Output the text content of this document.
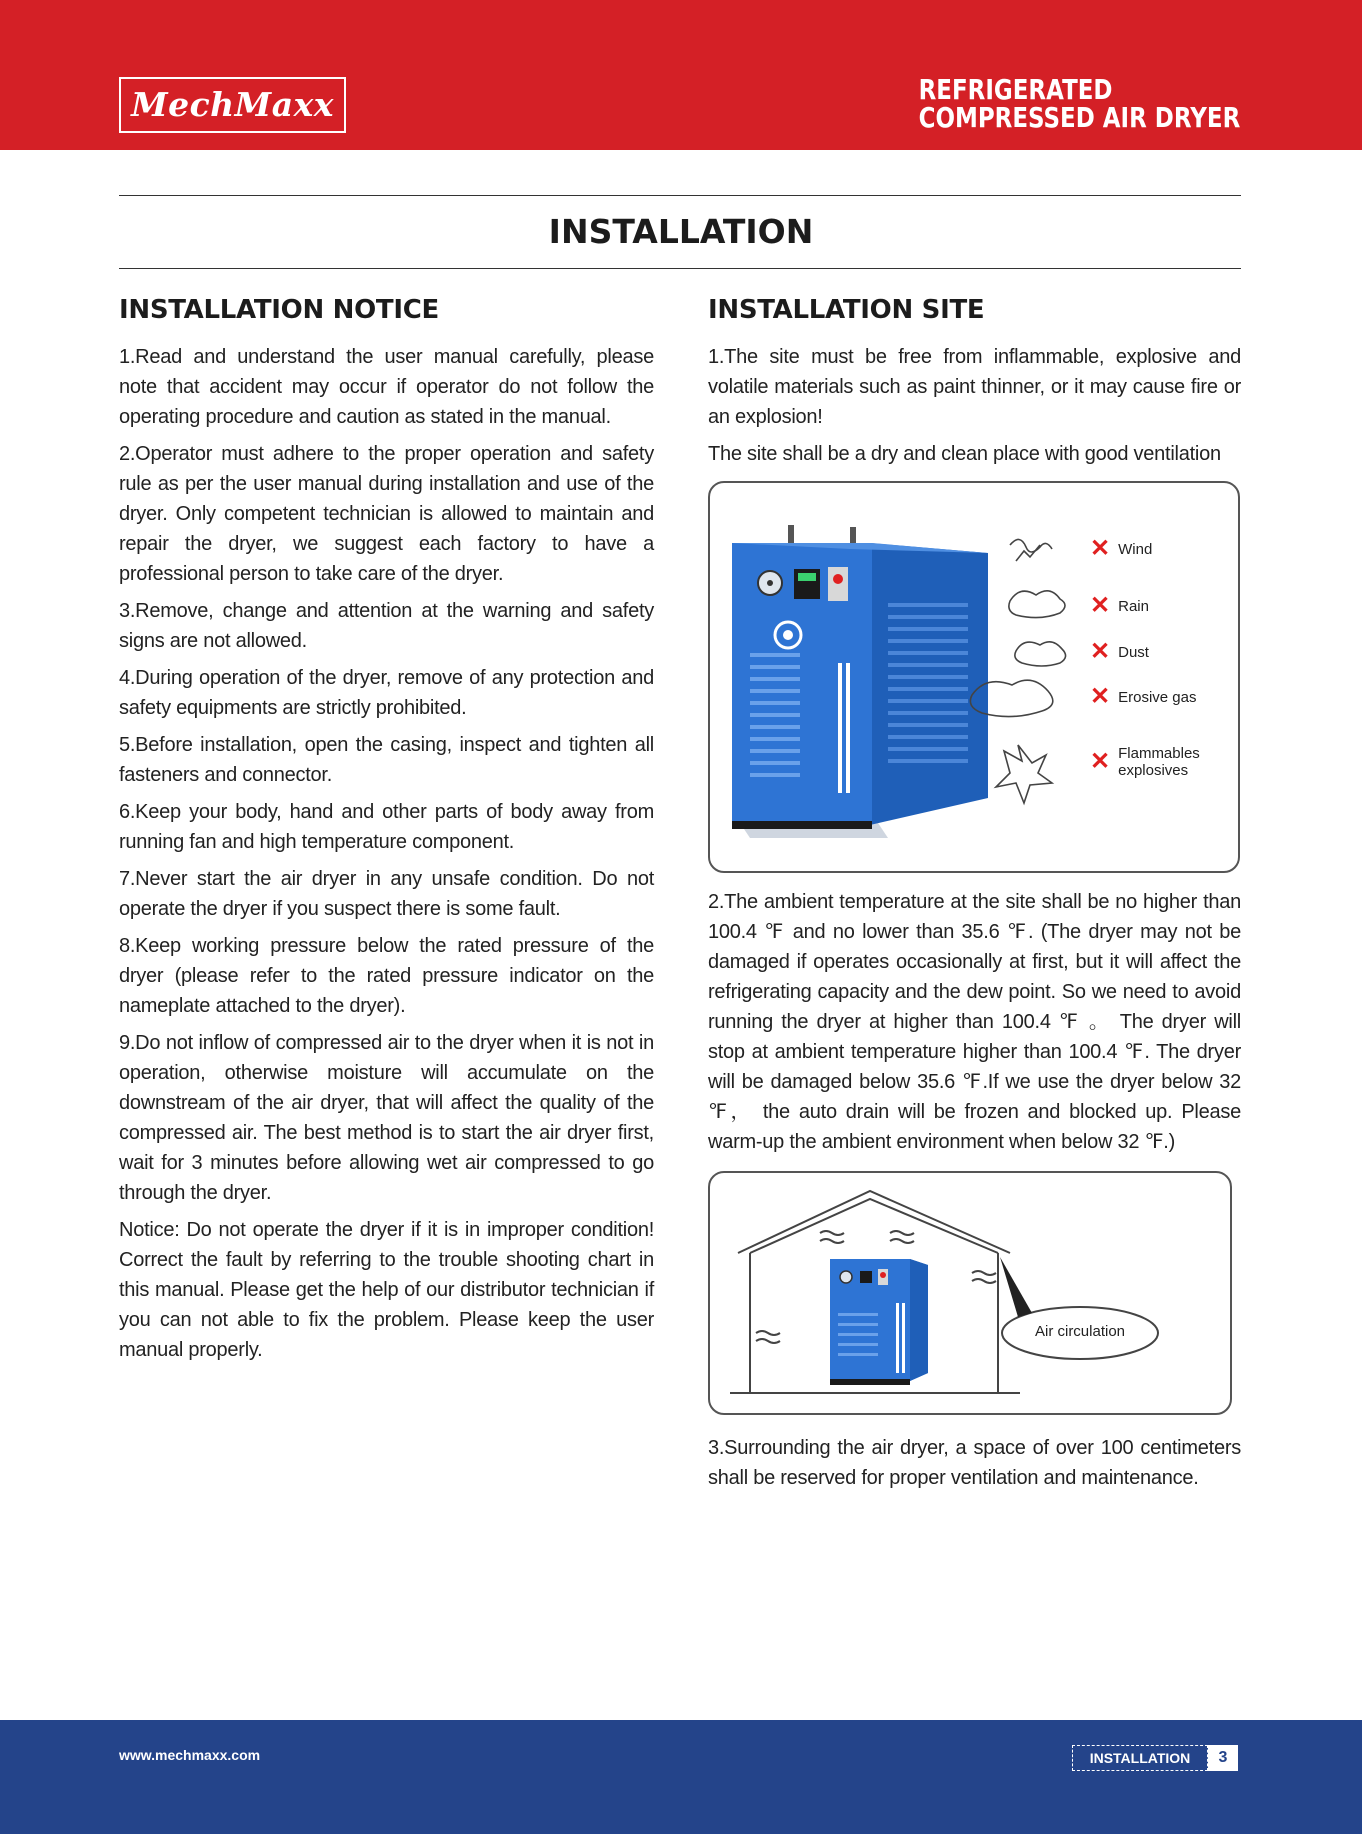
MechMaxx	REFRIGERATED
COMPRESSED AIR DRYER
INSTALLATION
INSTALLATION NOTICE

1.Read and understand the user manual carefully, please note that accident may occur if operator do not follow the operating procedure and caution as stated in the manual.

2.Operator must adhere to the proper operation and safety rule as per the user manual during installation and use of the dryer. Only competent technician is allowed to maintain and repair the dryer, we suggest each factory to have a professional person to take care of the dryer.

3.Remove, change and attention at the warning and safety signs are not allowed.

4.During operation of the dryer, remove of any protection and safety equipments are strictly prohibited.

5.Before installation, open the casing, inspect and tighten all fasteners and connector.

6.Keep your body, hand and other parts of body away from running fan and high temperature component.

7.Never start the air dryer in any unsafe condition. Do not operate the dryer if you suspect there is some fault.

8.Keep working pressure below the rated pressure of the dryer (please refer to the rated pressure indicator on the nameplate attached to the dryer).

9.Do not inflow of compressed air to the dryer when it is not in operation, otherwise moisture will accumulate on the downstream of the air dryer, that will affect the quality of the compressed air. The best method is to start the air dryer first, wait for 3 minutes before allowing wet air compressed to go through the dryer.

Notice: Do not operate the dryer if it is in improper condition! Correct the fault by referring to the trouble shooting chart in this manual. Please get the help of our distributor technician if you can not able to fix the problem. Please keep the user manual properly.

INSTALLATION SITE

1.The site must be free from inflammable, explosive and volatile materials such as paint thinner, or it may cause fire or an explosion!

The site shall be a dry and clean place with good ventilation

✕ Wind
✕ Rain
✕ Dust
✕ Erosive gas
✕ Flammables explosives

2.The ambient temperature at the site shall be no higher than 100.4 ℉ and no lower than 35.6 ℉. (The dryer may not be damaged if operates occasionally at first, but it will affect the refrigerating capacity and the dew point. So we need to avoid running the dryer at higher than 100.4 ℉ 。 The dryer will stop at ambient temperature higher than 100.4 ℉. The dryer will be damaged below 35.6 ℉.If we use the dryer below 32 ℉， the auto drain will be frozen and blocked up. Please warm-up the ambient environment when below 32 ℉.)

Air circulation

3.Surrounding the air dryer, a space of over 100 centimeters shall be reserved for proper ventilation and maintenance.

www.mechmaxx.com	INSTALLATION	3
